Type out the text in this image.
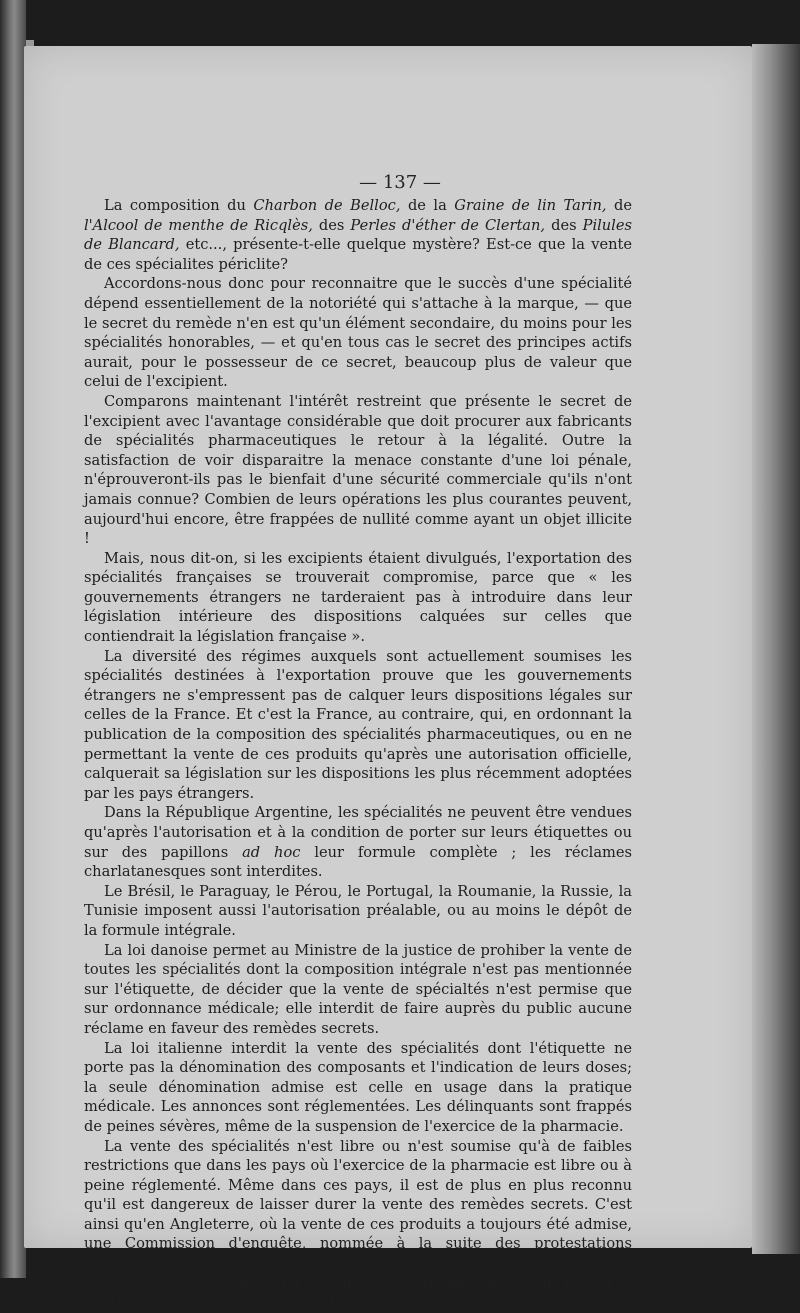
— 137 —

La composition du Charbon de Belloc, de la Graine de lin Tarin, de l'Alcool de menthe de Ricqlès, des Perles d'éther de Clertan, des Pilules de Blancard, etc..., présente-t-elle quelque mystère? Est-ce que la vente de ces spécialites périclite?

Accordons-nous donc pour reconnaitre que le succès d'une spécialité dépend essentiellement de la notoriété qui s'attache à la marque, — que le secret du remède n'en est qu'un élément secondaire, du moins pour les spécialités honorables, — et qu'en tous cas le secret des principes actifs aurait, pour le possesseur de ce secret, beaucoup plus de valeur que celui de l'excipient.

Comparons maintenant l'intérêt restreint que présente le secret de l'excipient avec l'avantage considérable que doit procurer aux fabricants de spécialités pharmaceutiques le retour à la légalité. Outre la satisfaction de voir disparaitre la menace constante d'une loi pénale, n'éprouveront-ils pas le bienfait d'une sécurité commerciale qu'ils n'ont jamais connue? Combien de leurs opérations les plus courantes peuvent, aujourd'hui encore, être frappées de nullité comme ayant un objet illicite !

Mais, nous dit-on, si les excipients étaient divulgués, l'exportation des spécialités françaises se trouverait compromise, parce que « les gouvernements étrangers ne tarderaient pas à introduire dans leur législation intérieure des dispositions calquées sur celles que contiendrait la législation française ».

La diversité des régimes auxquels sont actuellement soumises les spécialités destinées à l'exportation prouve que les gouvernements étrangers ne s'empressent pas de calquer leurs dispositions légales sur celles de la France. Et c'est la France, au contraire, qui, en ordonnant la publication de la composition des spécialités pharmaceutiques, ou en ne permettant la vente de ces produits qu'après une autorisation officielle, calquerait sa législation sur les dispositions les plus récemment adoptées par les pays étrangers.

Dans la République Argentine, les spécialités ne peuvent être vendues qu'après l'autorisation et à la condition de porter sur leurs étiquettes ou sur des papillons ad hoc leur formule complète ; les réclames charlatanesques sont interdites.

Le Brésil, le Paraguay, le Pérou, le Portugal, la Roumanie, la Russie, la Tunisie imposent aussi l'autorisation préalable, ou au moins le dépôt de la formule intégrale.

La loi danoise permet au Ministre de la justice de prohiber la vente de toutes les spécialités dont la composition intégrale n'est pas mentionnée sur l'étiquette, de décider que la vente de spécialtés n'est permise que sur ordonnance médicale; elle interdit de faire auprès du public aucune réclame en faveur des remèdes secrets.

La loi italienne interdit la vente des spécialités dont l'étiquette ne porte pas la dénomination des composants et l'indication de leurs doses; la seule dénomination admise est celle en usage dans la pratique médicale. Les annonces sont réglementées. Les délinquants sont frappés de peines sévères, même de la suspension de l'exercice de la pharmacie.

La vente des spécialités n'est libre ou n'est soumise qu'à de faibles restrictions que dans les pays où l'exercice de la pharmacie est libre ou à peine réglementé. Même dans ces pays, il est de plus en plus reconnu qu'il est dangereux de laisser durer la vente des remèdes secrets. C'est ainsi qu'en Angleterre, où la vente de ces produits a toujours été admise, une Commission d'enquête, nommée à la suite des protestations unanimes des sociétés médicales et des sociétés pharmaceutiques, a conclu, il y a deux ans, qu'il y avait lieu de réglementer l'annonce et la vente des spécialités, d'interdire tous les remèdes secrets.
